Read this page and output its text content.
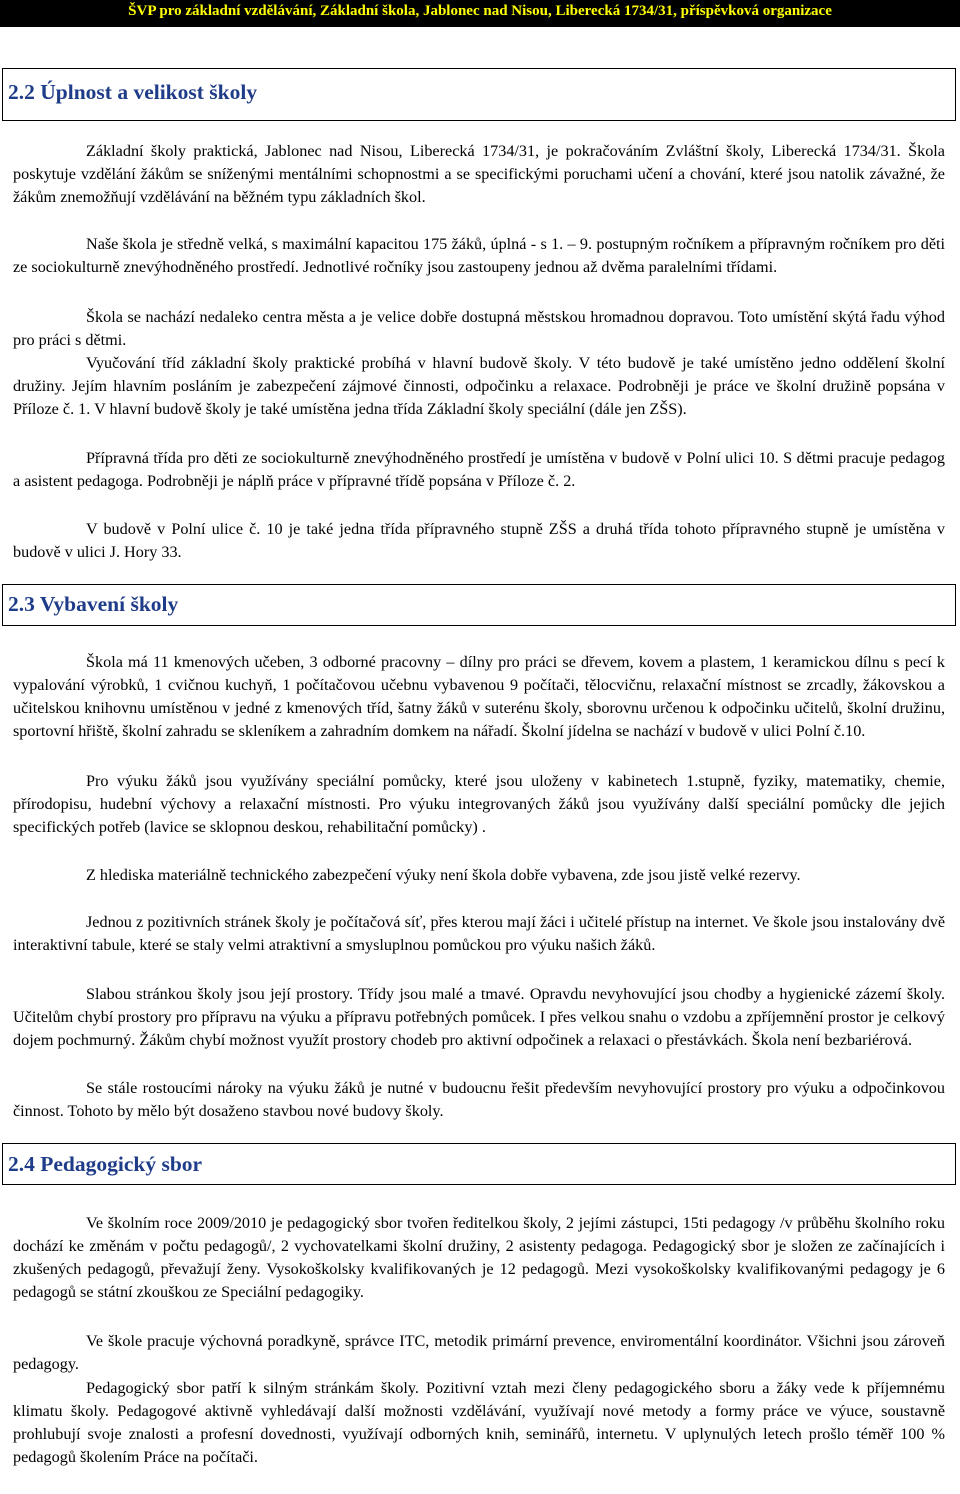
ŠVP pro základní vzdělávání, Základní škola, Jablonec nad Nisou, Liberecká 1734/31, příspěvková organizace
2.2 Úplnost a velikost školy

Základní školy praktická, Jablonec nad Nisou, Liberecká 1734/31, je pokračováním Zvláštní školy, Liberecká 1734/31. Škola poskytuje vzdělání žákům se sníženými mentálními schopnostmi a se specifickými poruchami učení a chování, které jsou natolik závažné, že žákům znemožňují vzdělávání na běžném typu základních škol.

Naše škola je středně velká, s maximální kapacitou 175 žáků, úplná - s 1. – 9. postupným ročníkem a přípravným ročníkem pro děti ze sociokulturně znevýhodněného prostředí. Jednotlivé ročníky jsou zastoupeny jednou až dvěma paralelními třídami.

Škola se nachází nedaleko centra města a je velice dobře dostupná městskou hromadnou dopravou. Toto umístění skýtá řadu výhod pro práci s dětmi.

Vyučování tříd základní školy praktické probíhá v hlavní budově školy. V této budově je také umístěno jedno oddělení školní družiny. Jejím hlavním posláním je zabezpečení zájmové činnosti, odpočinku a relaxace. Podrobněji je práce ve školní družině popsána v Příloze č. 1. V hlavní budově školy je také umístěna jedna třída Základní školy speciální (dále jen ZŠS).

Přípravná třída pro děti ze sociokulturně znevýhodněného prostředí je umístěna v budově v Polní ulici 10. S dětmi pracuje pedagog a asistent pedagoga. Podrobněji je náplň práce v přípravné třídě popsána v Příloze č. 2.

V budově v Polní ulice č. 10 je také jedna třída přípravného stupně ZŠS a druhá třída tohoto přípravného stupně je umístěna v budově v ulici J. Hory 33.

2.3 Vybavení školy

Škola má 11 kmenových učeben, 3 odborné pracovny – dílny pro práci se dřevem, kovem a plastem, 1 keramickou dílnu s pecí k vypalování výrobků, 1 cvičnou kuchyň, 1 počítačovou učebnu vybavenou 9 počítači, tělocvičnu, relaxační místnost se zrcadly, žákovskou a učitelskou knihovnu umístěnou v jedné z kmenových tříd, šatny žáků v suterénu školy, sborovnu určenou k odpočinku učitelů, školní družinu, sportovní hřiště, školní zahradu se skleníkem a zahradním domkem na nářadí. Školní jídelna se nachází v budově v ulici Polní č.10.

Pro výuku žáků jsou využívány speciální pomůcky, které jsou uloženy v kabinetech 1.stupně, fyziky, matematiky, chemie, přírodopisu, hudební výchovy a relaxační místnosti. Pro výuku integrovaných žáků jsou využívány další speciální pomůcky dle jejich specifických potřeb (lavice se sklopnou deskou, rehabilitační pomůcky) .

Z hlediska materiálně technického zabezpečení výuky není škola dobře vybavena, zde jsou jistě velké rezervy.

Jednou z pozitivních stránek školy je počítačová síť, přes kterou mají žáci i učitelé přístup na internet. Ve škole jsou instalovány dvě interaktivní tabule, které se staly velmi atraktivní a smysluplnou pomůckou pro výuku našich žáků.

Slabou stránkou školy jsou její prostory. Třídy jsou malé a tmavé. Opravdu nevyhovující jsou chodby a hygienické zázemí školy. Učitelům chybí prostory pro přípravu na výuku a přípravu potřebných pomůcek. I přes velkou snahu o vzdobu a zpříjemnění prostor je celkový dojem pochmurný. Žákům chybí možnost využít prostory chodeb pro aktivní odpočinek a relaxaci o přestávkách. Škola není bezbariérová.

Se stále rostoucími nároky na výuku žáků je nutné v budoucnu řešit především nevyhovující prostory pro výuku a odpočinkovou činnost. Tohoto by mělo být dosaženo stavbou nové budovy školy.

2.4 Pedagogický sbor

Ve školním roce 2009/2010 je pedagogický sbor tvořen ředitelkou školy, 2 jejími zástupci, 15ti pedagogy /v průběhu školního roku dochází ke změnám v počtu pedagogů/, 2 vychovatelkami školní družiny, 2 asistenty pedagoga. Pedagogický sbor je složen ze začínajících i zkušených pedagogů, převažují ženy. Vysokoškolsky kvalifikovaných je 12 pedagogů. Mezi vysokoškolsky kvalifikovanými pedagogy je 6 pedagogů se státní zkouškou ze Speciální pedagogiky.

Ve škole pracuje výchovná poradkyně, správce ITC, metodik primární prevence, enviromentální koordinátor. Všichni jsou zároveň pedagogy.

Pedagogický sbor patří k silným stránkám školy. Pozitivní vztah mezi členy pedagogického sboru a žáky vede k příjemnému klimatu školy. Pedagogové aktivně vyhledávají další možnosti vzdělávání, využívají nové metody a formy práce ve výuce, soustavně prohlubují svoje znalosti a profesní dovednosti, využívají odborných knih, seminářů, internetu. V uplynulých letech prošlo téměř 100 % pedagogů školením Práce na počítači.
